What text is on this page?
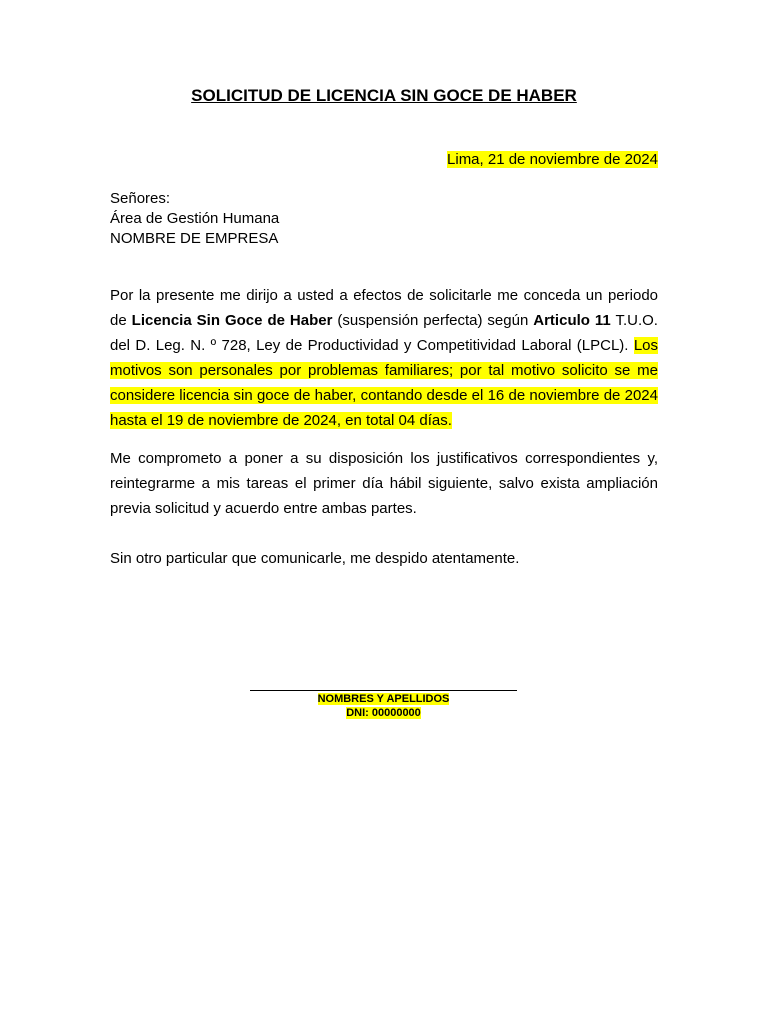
SOLICITUD DE LICENCIA SIN GOCE DE HABER
Lima, 21 de noviembre de 2024
Señores:
Área de Gestión Humana
NOMBRE DE EMPRESA
Por la presente me dirijo a usted a efectos de solicitarle me conceda un periodo de Licencia Sin Goce de Haber (suspensión perfecta) según Articulo 11 T.U.O. del D. Leg. N. º 728, Ley de Productividad y Competitividad Laboral (LPCL). Los motivos son personales por problemas familiares; por tal motivo solicito se me considere licencia sin goce de haber, contando desde el 16 de noviembre de 2024 hasta el 19 de noviembre de 2024, en total 04 días.
Me comprometo a poner a su disposición los justificativos correspondientes y, reintegrarme a mis tareas el primer día hábil siguiente, salvo exista ampliación previa solicitud y acuerdo entre ambas partes.
Sin otro particular que comunicarle, me despido atentamente.
NOMBRES Y APELLIDOS
DNI: 00000000
